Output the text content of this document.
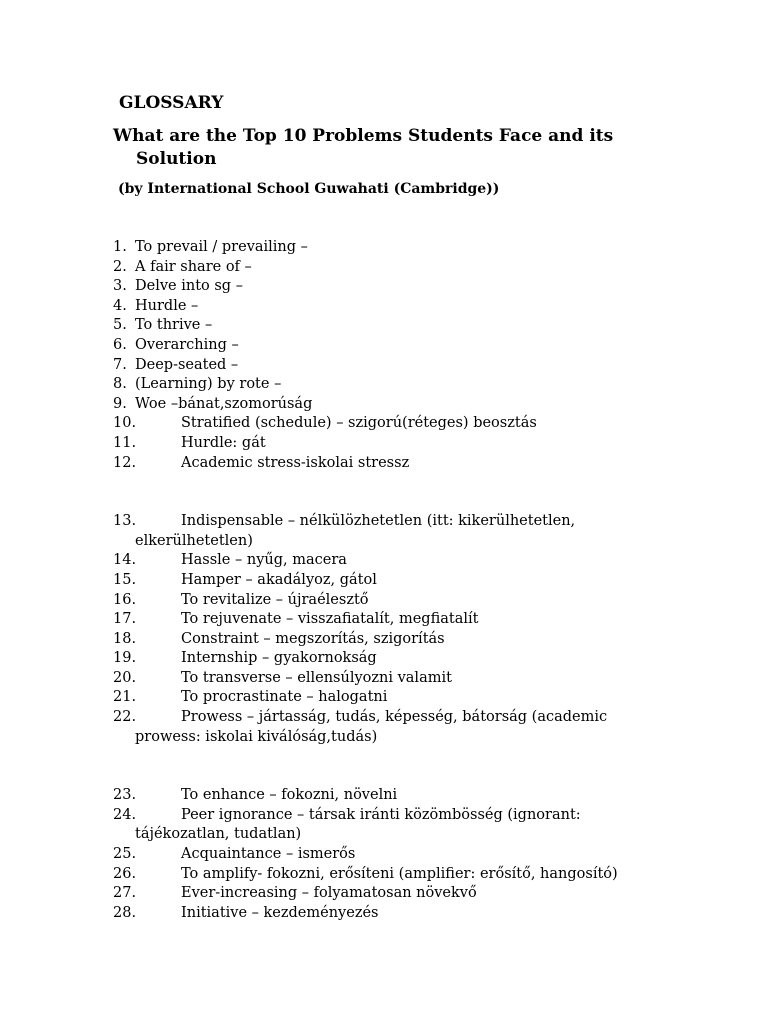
GLOSSARY
What are the Top 10 Problems Students Face and its Solution

(by International School Guwahati (Cambridge))

1. To prevail / prevailing –
2. A fair share of –
3. Delve into sg –
4. Hurdle –
5. To thrive –
6. Overarching –
7. Deep-seated –
8. (Learning) by rote –
9. Woe –bánat,szomorúság
10.	Stratified (schedule) – szigorú(réteges) beosztás
11.	Hurdle: gát
12.	Academic stress-iskolai stressz
13.	Indispensable – nélkülözhetetlen (itt: kikerülhetetlen, elkerülhetetlen)
14.	Hassle – nyűg, macera
15.	Hamper – akadályoz, gátol
16.	To revitalize – újraélesztő
17.	To rejuvenate – visszafiatalít, megfiatalít
18.	Constraint – megszorítás, szigorítás
19.	Internship – gyakornokság
20.	To transverse – ellensúlyozni valamit
21.	To procrastinate – halogatni
22.	Prowess – jártasság, tudás, képesség, bátorság (academic prowess: iskolai kiválóság,tudás)
23.	To enhance – fokozni, növelni
24.	Peer ignorance – társak iránti közömbösség (ignorant: tájékozatlan, tudatlan)
25.	Acquaintance – ismerős
26.	To amplify- fokozni, erősíteni (amplifier: erősítő, hangosító)
27.	Ever-increasing – folyamatosan növekvő
28.	Initiative – kezdeményezés
